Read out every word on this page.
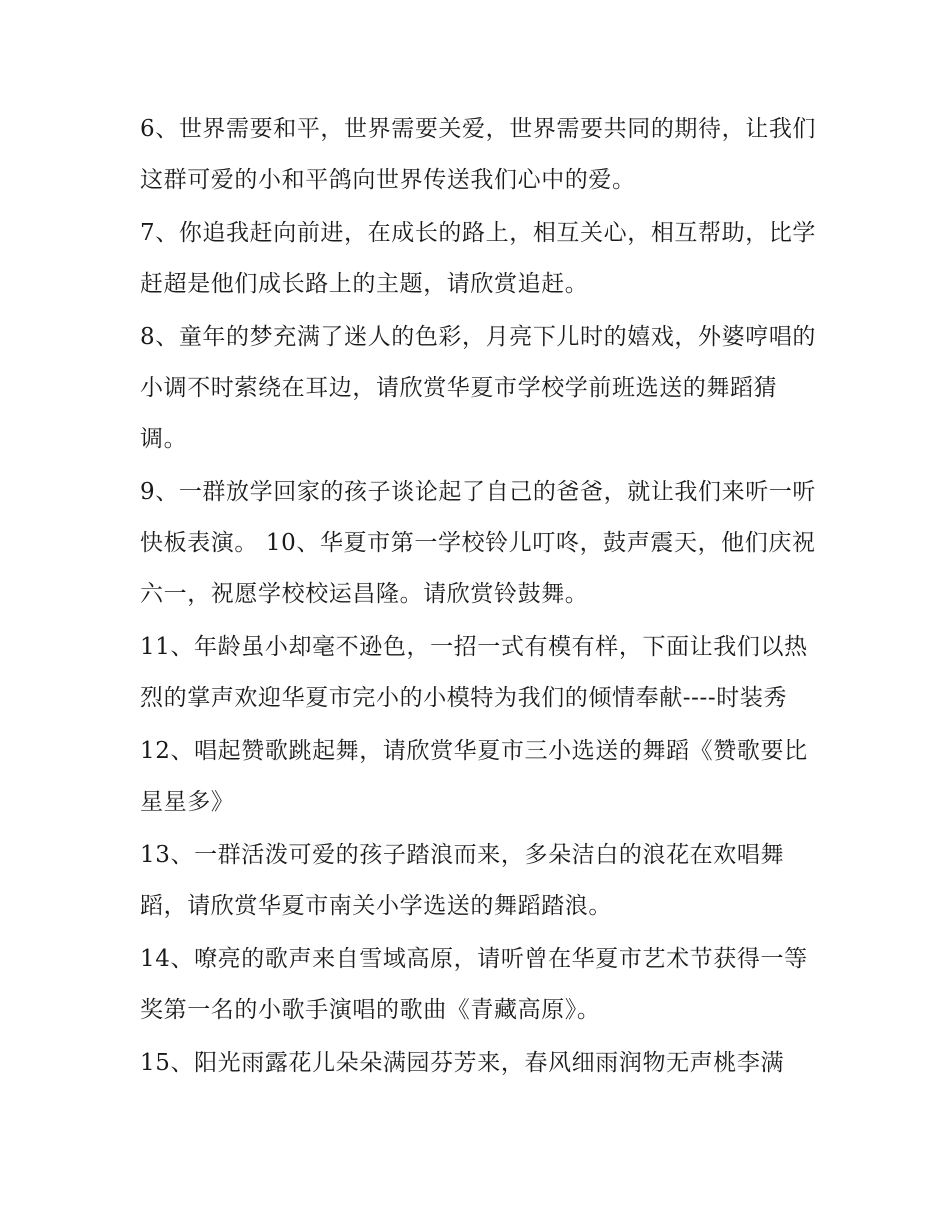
6、世界需要和平，世界需要关爱，世界需要共同的期待，让我们这群可爱的小和平鸽向世界传送我们心中的爱。

7、你追我赶向前进，在成长的路上，相互关心，相互帮助，比学赶超是他们成长路上的主题，请欣赏追赶。

8、童年的梦充满了迷人的色彩，月亮下儿时的嬉戏，外婆哼唱的小调不时萦绕在耳边，请欣赏华夏市学校学前班选送的舞蹈猜调。

9、一群放学回家的孩子谈论起了自己的爸爸，就让我们来听一听快板表演。 10、华夏市第一学校铃儿叮咚，鼓声震天，他们庆祝六一，祝愿学校校运昌隆。请欣赏铃鼓舞。

11、年龄虽小却毫不逊色，一招一式有模有样，下面让我们以热烈的掌声欢迎华夏市完小的小模特为我们的倾情奉献----时装秀

12、唱起赞歌跳起舞，请欣赏华夏市三小选送的舞蹈《赞歌要比星星多》

13、一群活泼可爱的孩子踏浪而来，多朵洁白的浪花在欢唱舞蹈，请欣赏华夏市南关小学选送的舞蹈踏浪。

14、嘹亮的歌声来自雪域高原，请听曾在华夏市艺术节获得一等奖第一名的小歌手演唱的歌曲《青藏高原》。

15、阳光雨露花儿朵朵满园芬芳来，春风细雨润物无声桃李满
